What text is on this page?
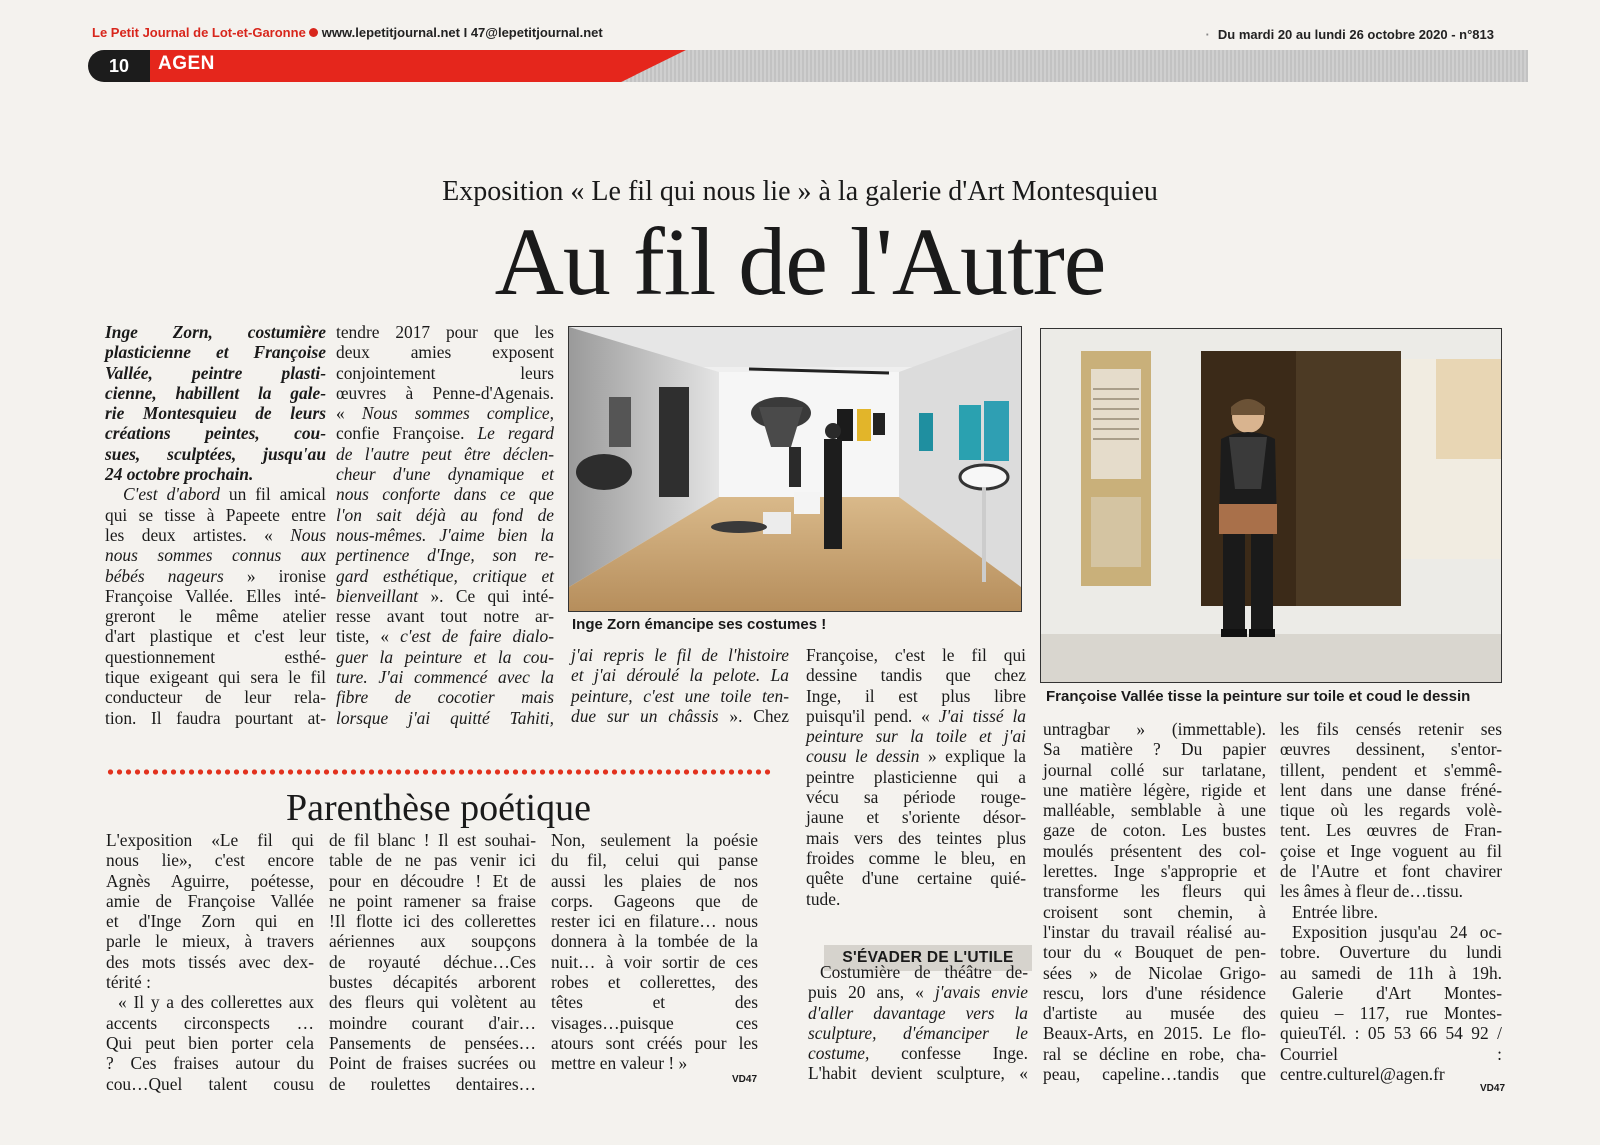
Le Petit Journal de Lot-et-Garonne www.lepetitjournal.net I 47@lepetitjournal.net	· Du mardi 20 au lundi 26 octobre 2020 - n°813
10	AGEN
Exposition « Le fil qui nous lie » à la galerie d'Art Montesquieu
Au fil de l'Autre
Inge Zorn, costumière
plasticienne et Françoise
Vallée, peintre plasti-
cienne, habillent la gale-
rie Montesquieu de leurs
créations peintes, cou-
sues, sculptées, jusqu'au
24 octobre prochain.
C'est d'abord un fil amical
qui se tisse à Papeete entre
les deux artistes. « Nous
nous sommes connus aux
bébés nageurs » ironise
Françoise Vallée. Elles inté-
greront le même atelier
d'art plastique et c'est leur
questionnement esthé-
tique exigeant qui sera le fil
conducteur de leur rela-
tion. Il faudra pourtant at-
tendre 2017 pour que les
deux amies exposent
conjointement leurs
œuvres à Penne-d'Agenais.
« Nous sommes complice,
confie Françoise. Le regard
de l'autre peut être déclen-
cheur d'une dynamique et
nous conforte dans ce que
l'on sait déjà au fond de
nous-mêmes. J'aime bien la
pertinence d'Inge, son re-
gard esthétique, critique et
bienveillant ». Ce qui inté-
resse avant tout notre ar-
tiste, « c'est de faire dialo-
guer la peinture et la cou-
ture. J'ai commencé avec la
fibre de cocotier mais
lorsque j'ai quitté Tahiti,
Inge Zorn émancipe ses costumes !
Françoise Vallée tisse la peinture sur toile et coud le dessin
j'ai repris le fil de l'histoire
et j'ai déroulé la pelote. La
peinture, c'est une toile ten-
due sur un châssis ». Chez
Françoise, c'est le fil qui
dessine tandis que chez
Inge, il est plus libre
puisqu'il pend. « J'ai tissé la
peinture sur la toile et j'ai
cousu le dessin » explique la
peintre plasticienne qui a
vécu sa période rouge-
jaune et s'oriente désor-
mais vers des teintes plus
froides comme le bleu, en
quête d'une certaine quié-
tude.
S'ÉVADER DE L'UTILE
Costumière de théâtre de-
puis 20 ans, « j'avais envie
d'aller davantage vers la
sculpture, d'émanciper le
costume, confesse Inge.
L'habit devient sculpture, «
untragbar » (immettable).
Sa matière ? Du papier
journal collé sur tarlatane,
une matière légère, rigide et
malléable, semblable à une
gaze de coton. Les bustes
moulés présentent des col-
lerettes. Inge s'approprie et
transforme les fleurs qui
croisent sont chemin, à
l'instar du travail réalisé au-
tour du « Bouquet de pen-
sées » de Nicolae Grigo-
rescu, lors d'une résidence
d'artiste au musée des
Beaux-Arts, en 2015. Le flo-
ral se décline en robe, cha-
peau, capeline…tandis que
les fils censés retenir ses
œuvres dessinent, s'entor-
tillent, pendent et s'emmê-
lent dans une danse fréné-
tique où les regards volè-
tent. Les œuvres de Fran-
çoise et Inge voguent au fil
de l'Autre et font chavirer
les âmes à fleur de…tissu.
Entrée libre.
Exposition jusqu'au 24 oc-
tobre. Ouverture du lundi
au samedi de 11h à 19h.
Galerie d'Art Montes-
quieu – 117, rue Montes-
quieuTél. : 05 53 66 54 92 /
Courriel :
centre.culturel@agen.fr
VD47
Parenthèse poétique
L'exposition «Le fil qui
nous lie», c'est encore
Agnès Aguirre, poétesse,
amie de Françoise Vallée
et d'Inge Zorn qui en
parle le mieux, à travers
des mots tissés avec dex-
térité :
« Il y a des collerettes aux
accents circonspects …
Qui peut bien porter cela
? Ces fraises autour du
cou…Quel talent cousu
de fil blanc ! Il est souhai-
table de ne pas venir ici
pour en découdre ! Et de
ne point ramener sa fraise
!Il flotte ici des collerettes
aériennes aux soupçons
de royauté déchue…Ces
bustes décapités arborent
des fleurs qui volètent au
moindre courant d'air…
Pansements de pensées…
Point de fraises sucrées ou
de roulettes dentaires…
Non, seulement la poésie
du fil, celui qui panse
aussi les plaies de nos
corps. Gageons que de
rester ici en filature… nous
donnera à la tombée de la
nuit… à voir sortir de ces
robes et collerettes, des
têtes et des
visages…puisque ces
atours sont créés pour les
mettre en valeur ! »
VD47
